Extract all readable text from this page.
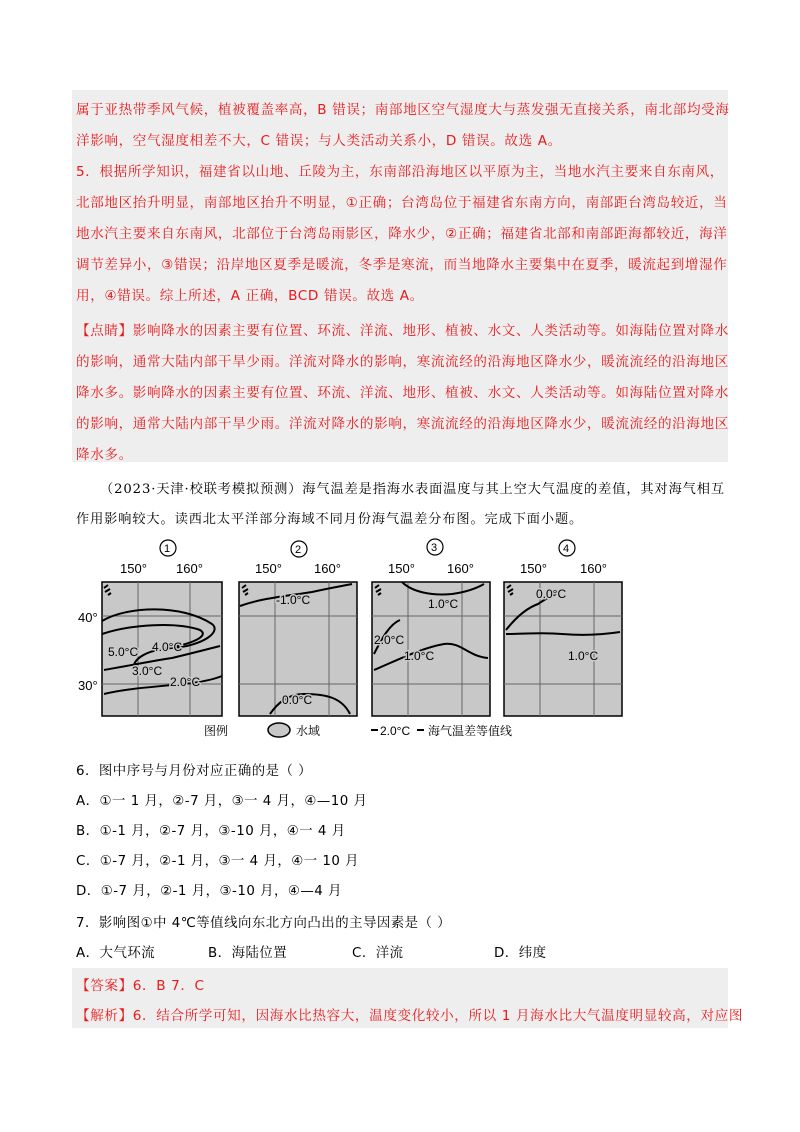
属于亚热带季风气候，植被覆盖率高，B 错误；南部地区空气湿度大与蒸发强无直接关系，南北部均受海
洋影响，空气湿度相差不大，C 错误；与人类活动关系小，D 错误。故选 A。
5．根据所学知识，福建省以山地、丘陵为主，东南部沿海地区以平原为主，当地水汽主要来自东南风，
北部地区抬升明显，南部地区抬升不明显，①正确；台湾岛位于福建省东南方向，南部距台湾岛较近，当
地水汽主要来自东南风，北部位于台湾岛雨影区，降水少，②正确；福建省北部和南部距海都较近，海洋
调节差异小，③错误；沿岸地区夏季是暖流，冬季是寒流，而当地降水主要集中在夏季，暖流起到增湿作
用，④错误。综上所述，A 正确，BCD 错误。故选 A。
【点睛】影响降水的因素主要有位置、环流、洋流、地形、植被、水文、人类活动等。如海陆位置对降水
的影响，通常大陆内部干旱少雨。洋流对降水的影响，寒流流经的沿海地区降水少，暖流流经的沿海地区
降水多。影响降水的因素主要有位置、环流、洋流、地形、植被、水文、人类活动等。如海陆位置对降水
的影响，通常大陆内部干旱少雨。洋流对降水的影响，寒流流经的沿海地区降水少，暖流流经的沿海地区
降水多。
（2023·天津·校联考模拟预测）海气温差是指海水表面温度与其上空大气温度的差值，其对海气相互
作用影响较大。读西北太平洋部分海域不同月份海气温差分布图。完成下面小题。
1	2	3	4
150° 160°	150° 160°	150° 160°	150°	160°
40°
30°
5.0°C 4.0°C
3.0°C
2.0°C
-1.0°C
0.0°C
1.0°C
2.0°C
1.0°C
0.0°C
1.0°C
图例	水域	2.0°C 海气温差等值线
6．图中序号与月份对应正确的是（ ）
A．①一 1 月，②-7 月，③一 4 月，④—10 月
B．①-1 月，②-7 月，③-10 月，④一 4 月
C．①-7 月，②-1 月，③一 4 月，④一 10 月
D．①-7 月，②-1 月，③-10 月，④—4 月
7．影响图①中 4℃等值线向东北方向凸出的主导因素是（ ）
A．大气环流	B．海陆位置	C．洋流	D．纬度
【答案】6．B 7．C
【解析】6．结合所学可知，因海水比热容大，温度变化较小，所以 1 月海水比大气温度明显较高，对应图
